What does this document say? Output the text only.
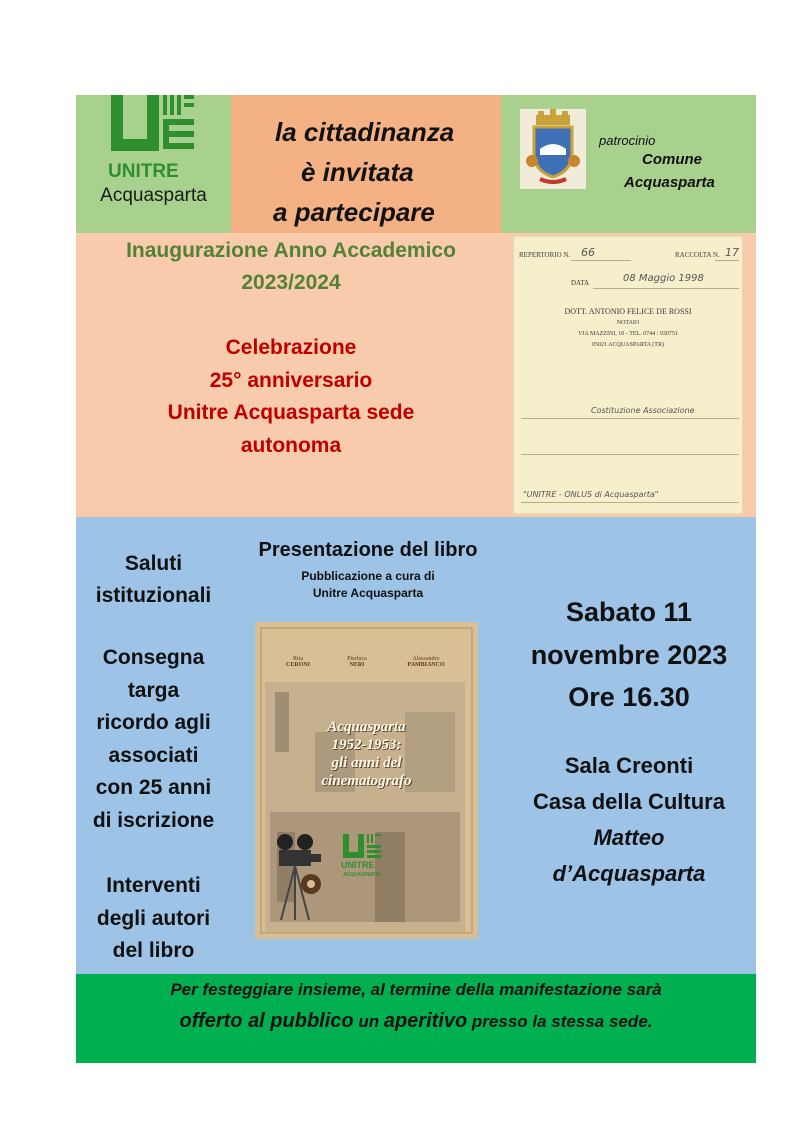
UNITRE
Acquasparta
la cittadinanza
è invitata
a partecipare
patrocinio
Comune
Acquasparta
Inaugurazione Anno Accademico
2023/2024
Celebrazione
25° anniversario
Unitre Acquasparta sede
autonoma
REPERTORIO N. 66	RACCOLTA N. 17
DATA	08 Maggio 1998
DOTT. ANTONIO FELICE DE ROSSI
NOTAIO
VIA MAZZINI, 10 - TEL. 0744 / 930751
05021 ACQUASPARTA (TR)
Costituzione Associazione
"UNITRE - ONLUS di Acquasparta"
Saluti
istituzionali
Consegna
targa
ricordo agli
associati
con 25 anni
di iscrizione
Interventi
degli autori
del libro
Presentazione del libro
Pubblicazione a cura di
Unitre Acquasparta
Sabato 11
novembre 2023
Ore 16.30
Sala Creonti
Casa della Cultura
Matteo
d’Acquasparta
Rita
CERONI
Pierluca
NERI
Alessandro
PAMBIANCO
Acquasparta
1952-1953:
gli anni del
cinematografo
UNITRE
ACQUASPARTA
Per festeggiare insieme, al termine della manifestazione sarà
offerto al pubblico un aperitivo presso la stessa sede.
